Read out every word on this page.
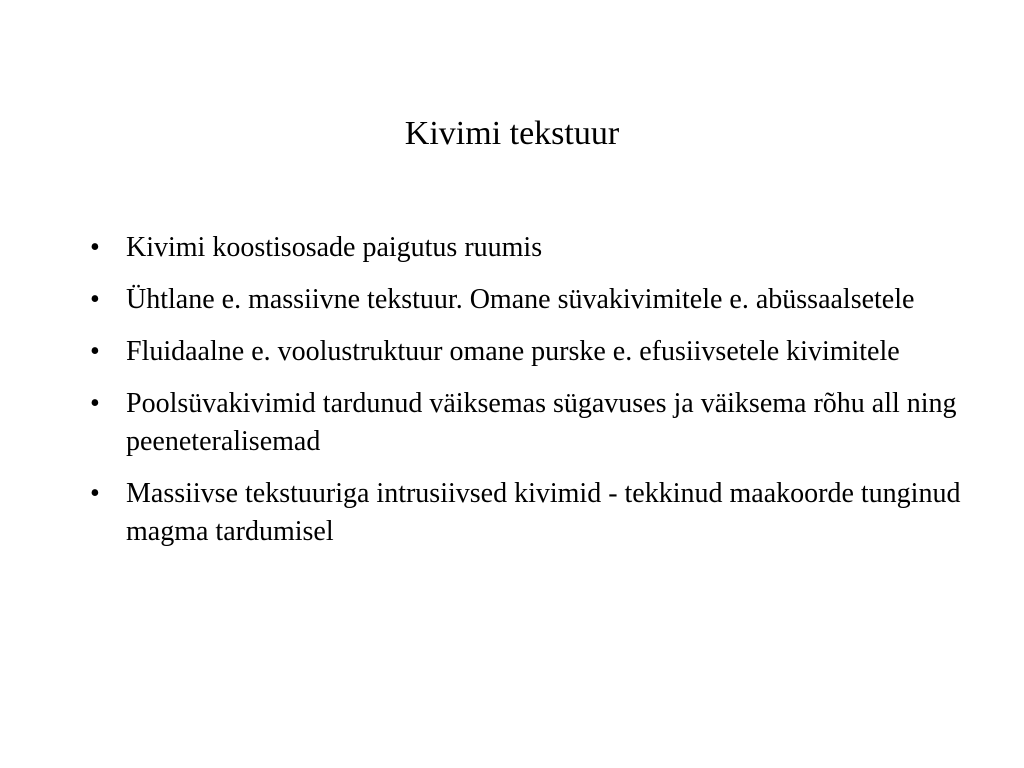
Kivimi tekstuur
• Kivimi koostisosade paigutus ruumis
• Ühtlane e. massiivne tekstuur. Omane süvakivimitele e. abüssaalsetele
• Fluidaalne e. voolustruktuur omane purske e. efusiivsetele kivimitele
• Poolsüvakivimid tardunud väiksemas sügavuses ja väiksema rõhu all ning peeneteralisemad
• Massiivse tekstuuriga intrusiivsed kivimid - tekkinud maakoorde tunginud magma tardumisel
